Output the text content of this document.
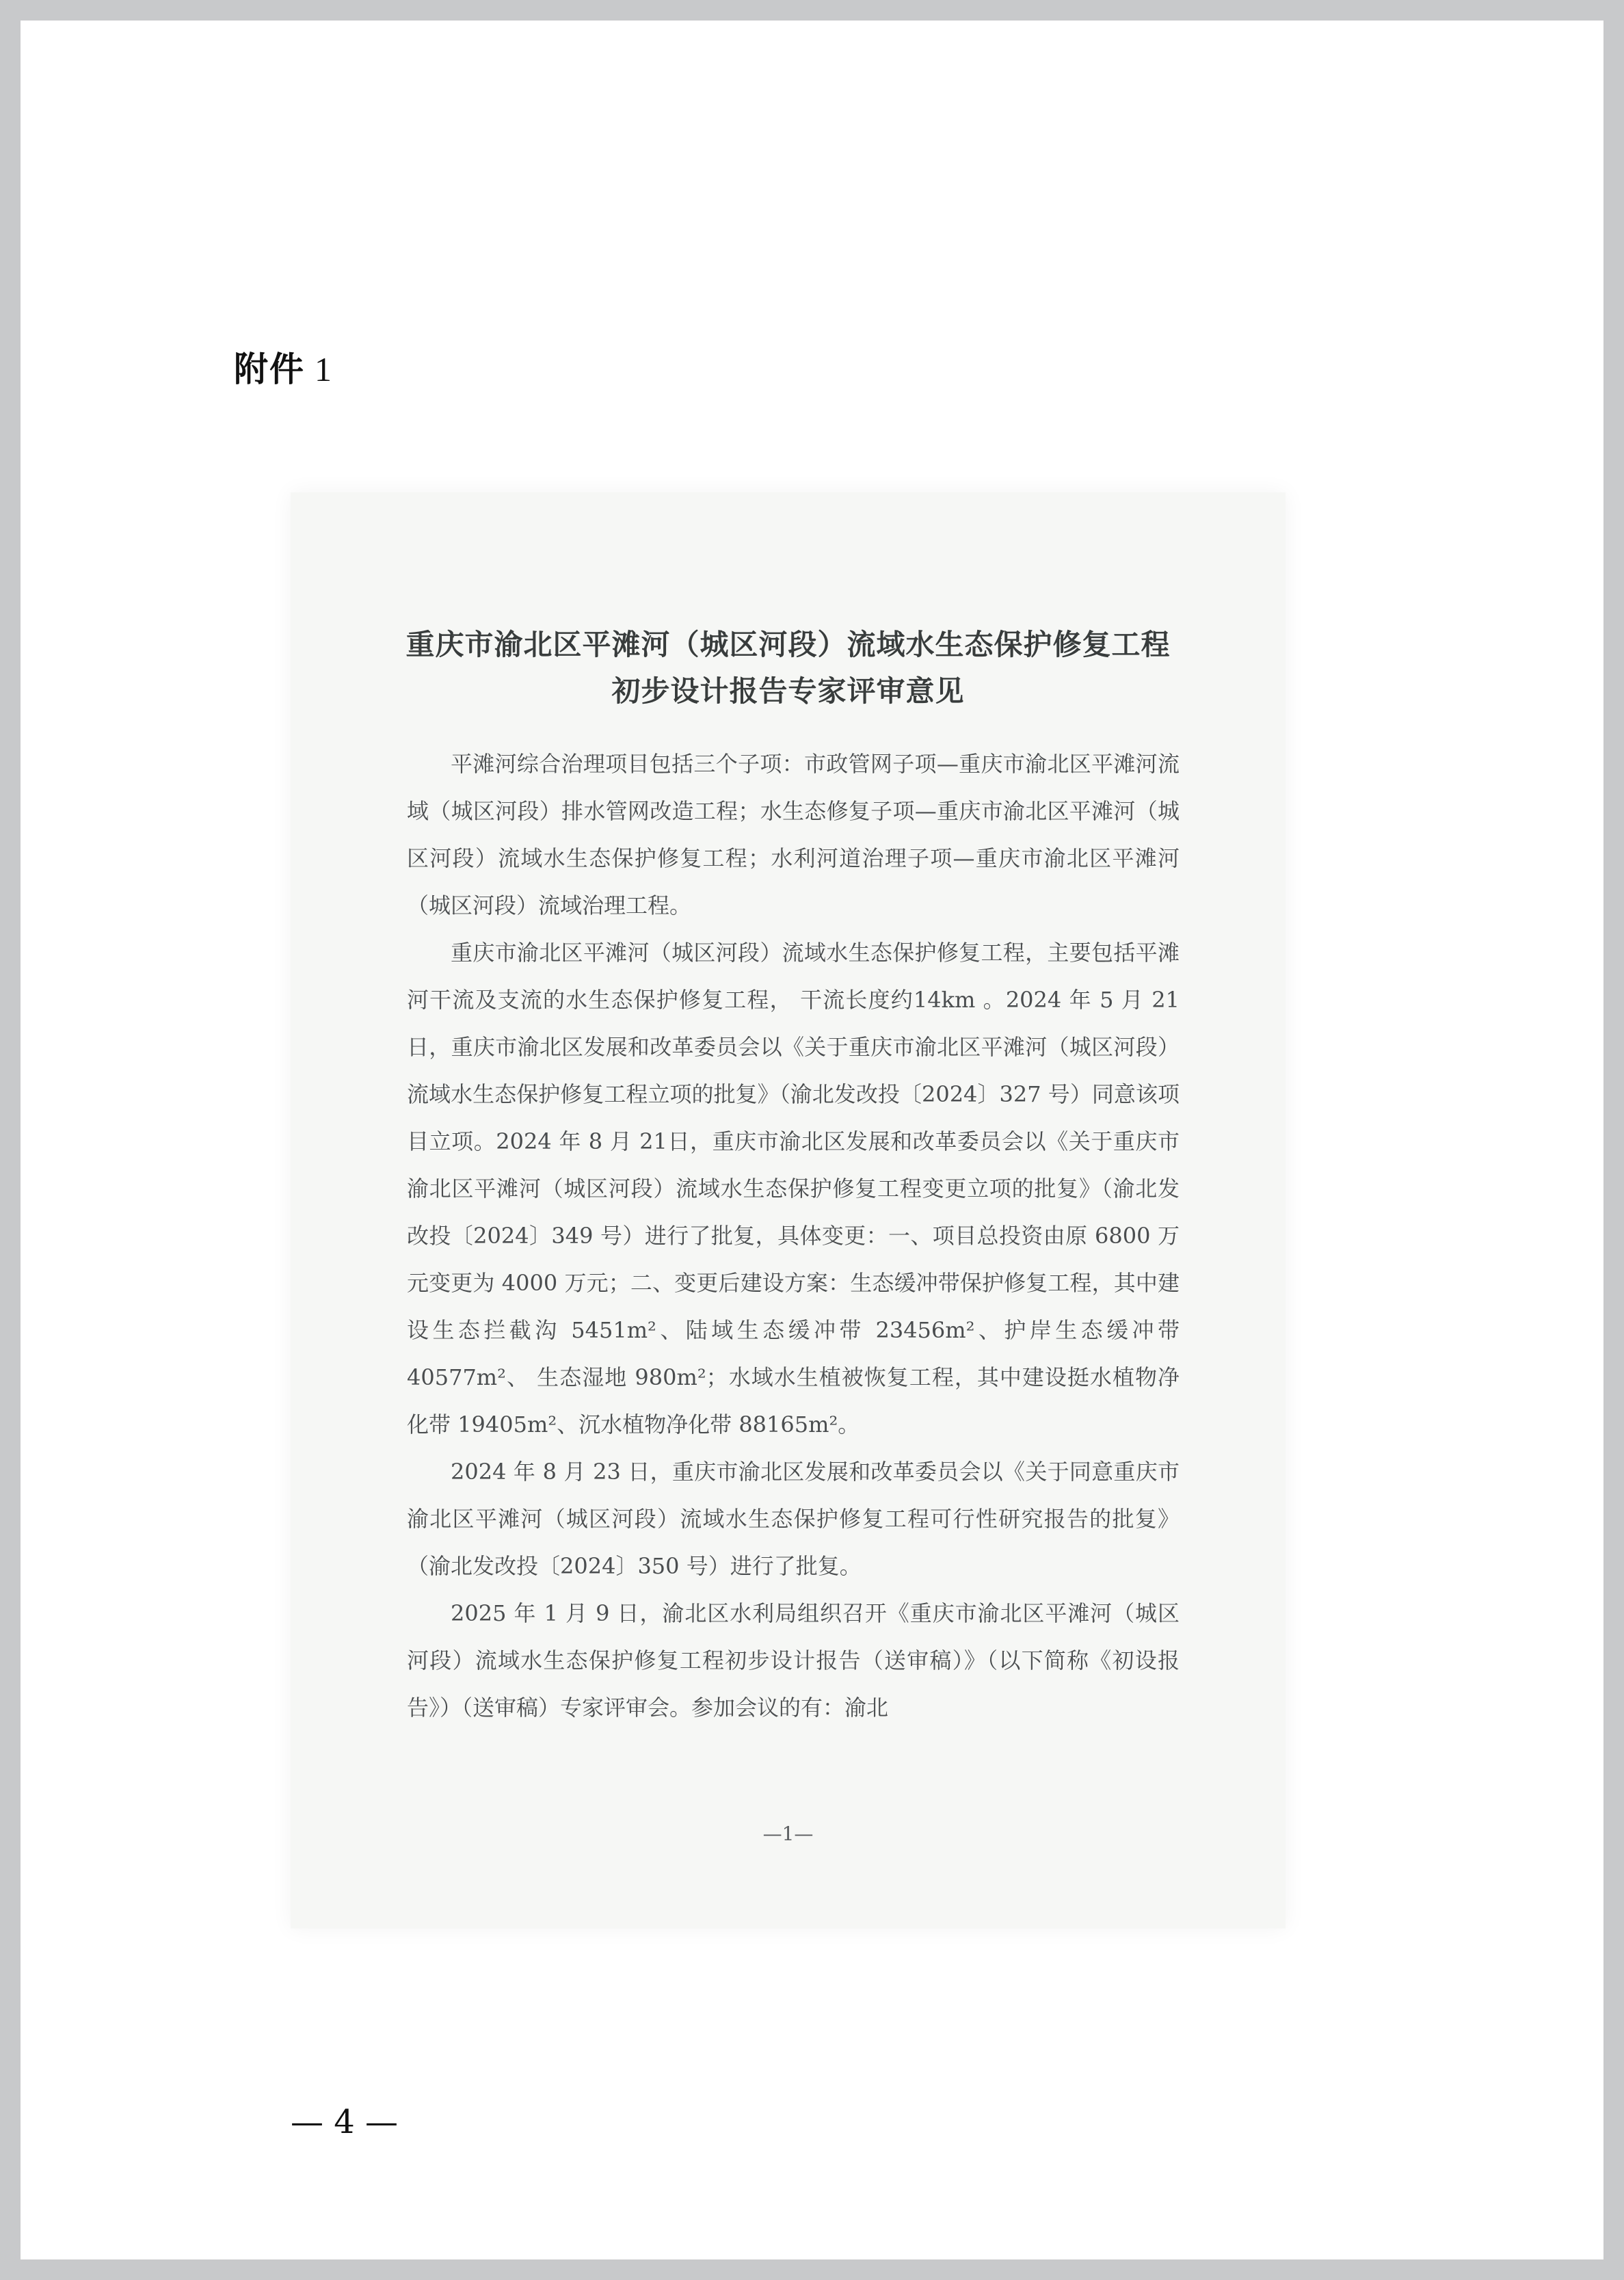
附件 1
重庆市渝北区平滩河（城区河段）流域水生态保护修复工程
初步设计报告专家评审意见

平滩河综合治理项目包括三个子项：市政管网子项—重庆市渝北区平滩河流域（城区河段）排水管网改造工程；水生态修复子项—重庆市渝北区平滩河（城区河段）流域水生态保护修复工程；水利河道治理子项—重庆市渝北区平滩河（城区河段）流域治理工程。

重庆市渝北区平滩河（城区河段）流域水生态保护修复工程，主要包括平滩河干流及支流的水生态保护修复工程， 干流长度约14km 。2024 年 5 月 21 日，重庆市渝北区发展和改革委员会以《关于重庆市渝北区平滩河（城区河段）流域水生态保护修复工程立项的批复》（渝北发改投〔2024〕327 号）同意该项目立项。2024 年 8 月 21日，重庆市渝北区发展和改革委员会以《关于重庆市渝北区平滩河（城区河段）流域水生态保护修复工程变更立项的批复》（渝北发改投〔2024〕349 号）进行了批复，具体变更：一、项目总投资由原 6800 万元变更为 4000 万元；二、变更后建设方案：生态缓冲带保护修复工程，其中建设生态拦截沟 5451m²、陆域生态缓冲带 23456m²、护岸生态缓冲带 40577m²、 生态湿地 980m²；水域水生植被恢复工程，其中建设挺水植物净化带 19405m²、沉水植物净化带 88165m²。

2024 年 8 月 23 日，重庆市渝北区发展和改革委员会以《关于同意重庆市渝北区平滩河（城区河段）流域水生态保护修复工程可行性研究报告的批复》（渝北发改投〔2024〕350 号）进行了批复。

2025 年 1 月 9 日，渝北区水利局组织召开《重庆市渝北区平滩河（城区河段）流域水生态保护修复工程初步设计报告（送审稿）》（以下简称《初设报告》）（送审稿）专家评审会。参加会议的有：渝北

—1—
— 4 —
